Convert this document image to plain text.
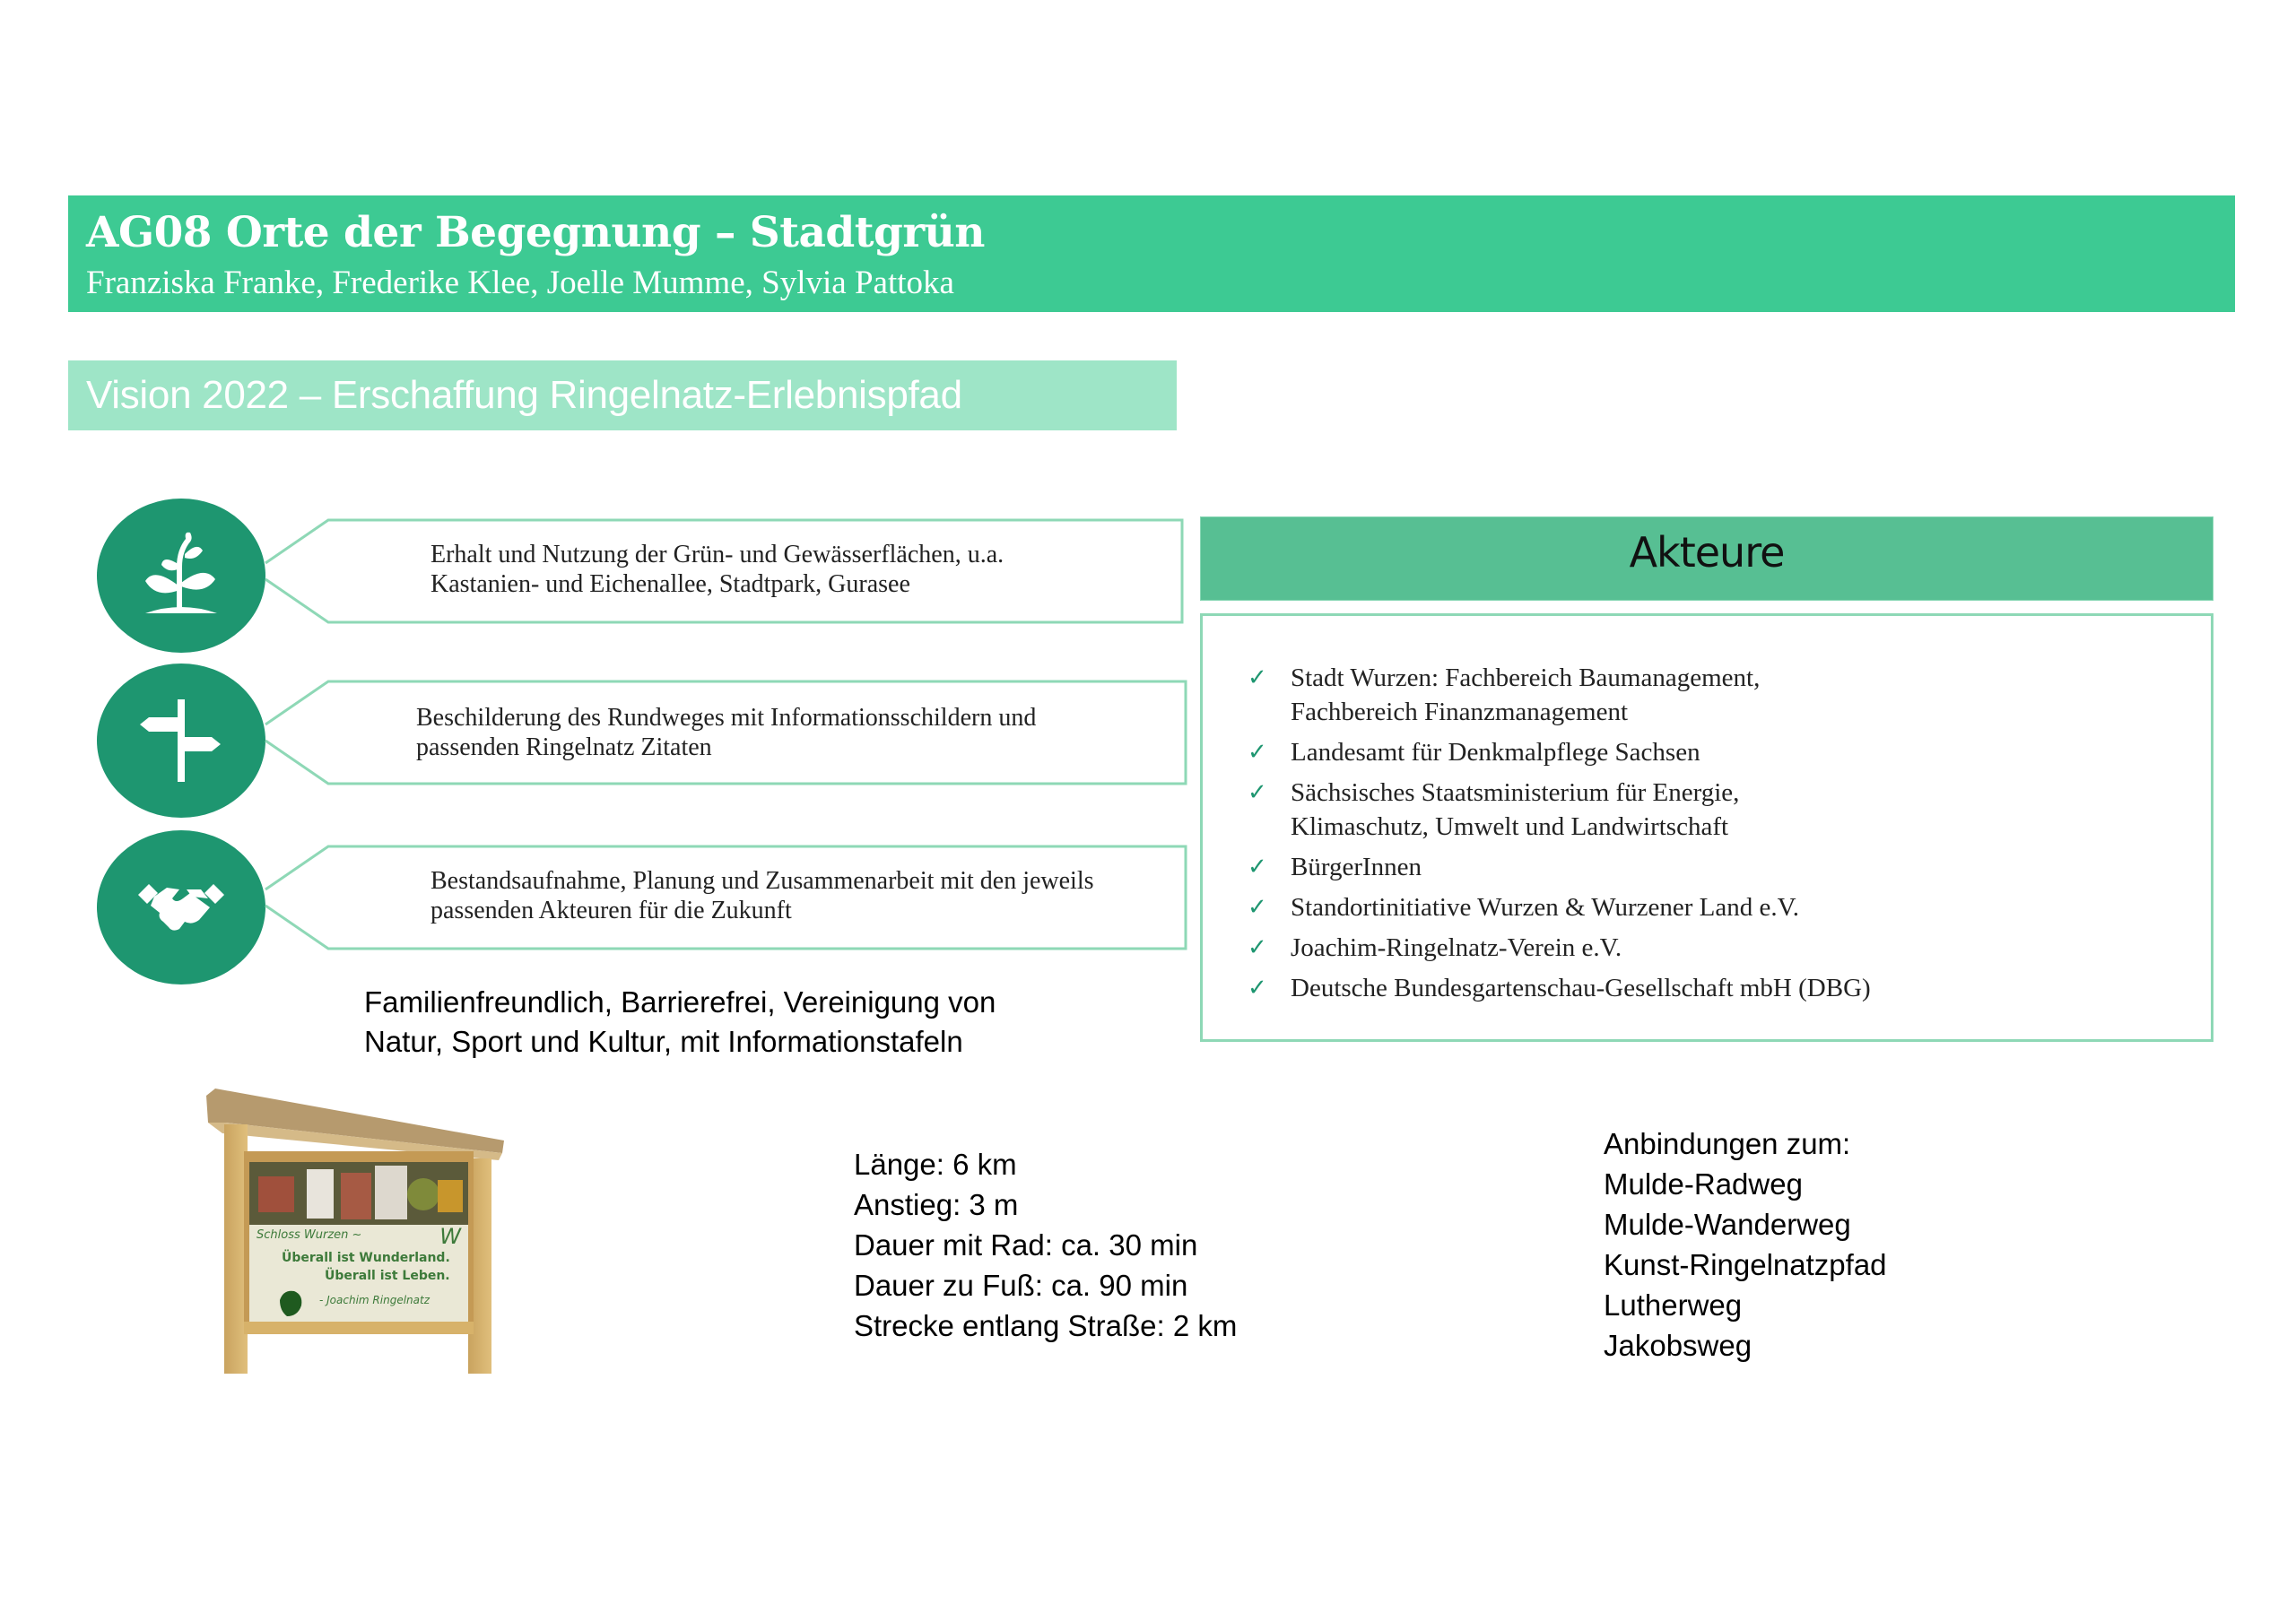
AG08 Orte der Begegnung – Stadtgrün
Franziska Franke, Frederike Klee, Joelle Mumme, Sylvia Pattoka
Vision 2022 – Erschaffung Ringelnatz-Erlebnispfad
Erhalt und Nutzung der Grün- und Gewässerflächen, u.a.
Kastanien- und Eichenallee, Stadtpark, Gurasee
Beschilderung des Rundweges mit Informationsschildern und
passenden Ringelnatz Zitaten
Bestandsaufnahme, Planung und Zusammenarbeit mit den jeweils
passenden Akteuren für die Zukunft
Familienfreundlich, Barrierefrei, Vereinigung von
Natur, Sport und Kultur, mit Informationstafeln
Akteure
✓ Stadt Wurzen: Fachbereich Baumanagement,
Fachbereich Finanzmanagement
✓ Landesamt für Denkmalpflege Sachsen
✓ Sächsisches Staatsministerium für Energie,
Klimaschutz, Umwelt und Landwirtschaft
✓ BürgerInnen
✓ Standortinitiative Wurzen & Wurzener Land e.V.
✓ Joachim-Ringelnatz-Verein e.V.
✓ Deutsche Bundesgartenschau-Gesellschaft mbH (DBG)
Schloss Wurzen ~	W
Überall ist Wunderland.
Überall ist Leben.
- Joachim Ringelnatz
Länge: 6 km
Anstieg: 3 m
Dauer mit Rad: ca. 30 min
Dauer zu Fuß: ca. 90 min
Strecke entlang Straße: 2 km
Anbindungen zum:
Mulde-Radweg
Mulde-Wanderweg
Kunst-Ringelnatzpfad
Lutherweg
Jakobsweg
